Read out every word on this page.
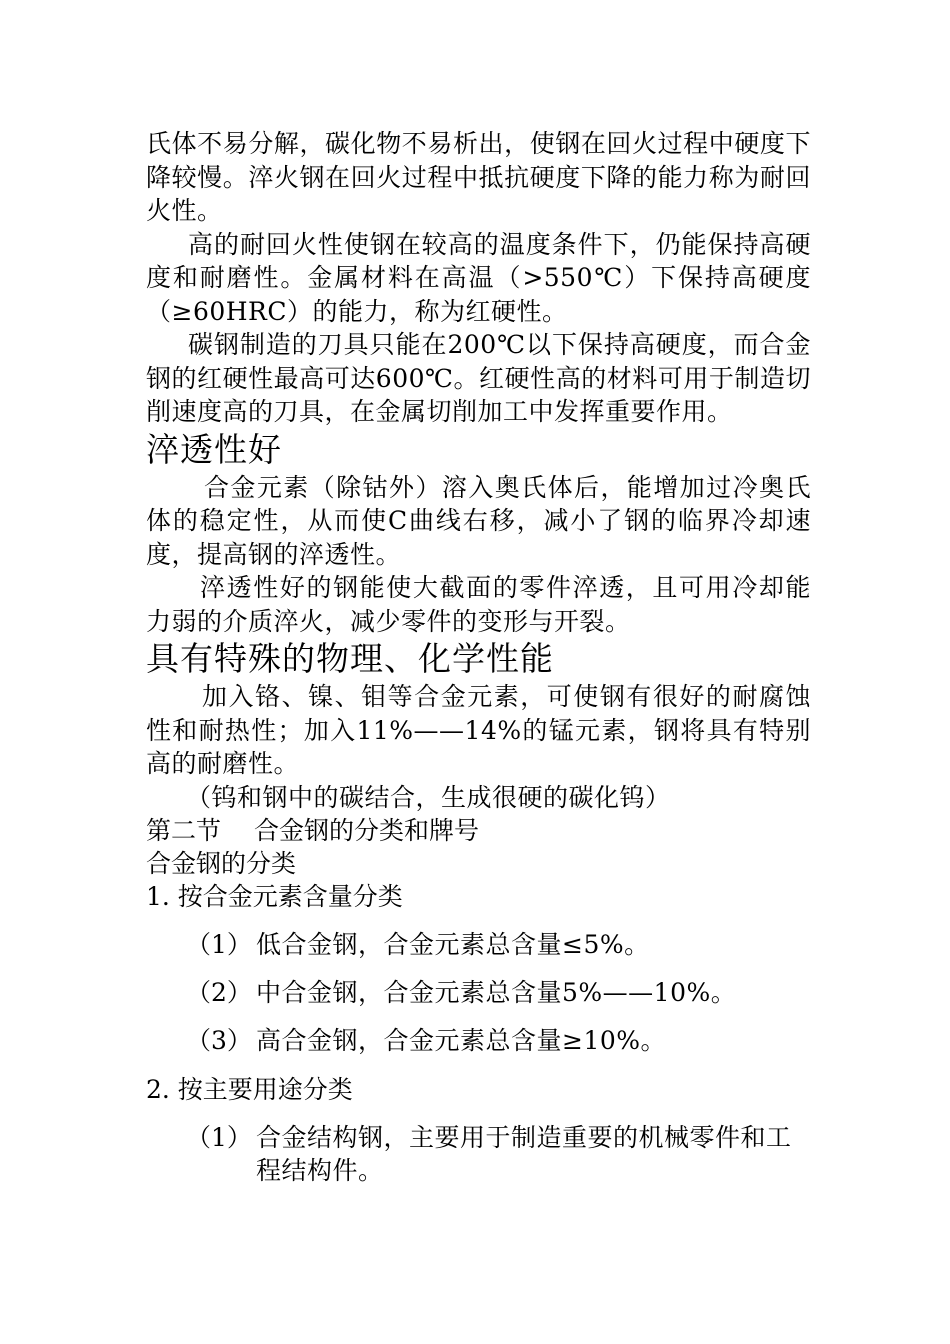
氏体不易分解，碳化物不易析出，使钢在回火过程中硬度下降较慢。淬火钢在回火过程中抵抗硬度下降的能力称为耐回火性。

高的耐回火性使钢在较高的温度条件下，仍能保持高硬度和耐磨性。金属材料在高温（>550℃）下保持高硬度（≥60HRC）的能力，称为红硬性。

碳钢制造的刀具只能在200℃以下保持高硬度，而合金钢的红硬性最高可达600℃。红硬性高的材料可用于制造切削速度高的刀具，在金属切削加工中发挥重要作用。

淬透性好

合金元素（除钴外）溶入奥氏体后，能增加过冷奥氏体的稳定性，从而使C曲线右移，减小了钢的临界冷却速度，提高钢的淬透性。

淬透性好的钢能使大截面的零件淬透，且可用冷却能力弱的介质淬火，减少零件的变形与开裂。

具有特殊的物理、化学性能

加入铬、镍、钼等合金元素，可使钢有很好的耐腐蚀性和耐热性；加入11%——14%的锰元素，钢将具有特别高的耐磨性。

（钨和钢中的碳结合，生成很硬的碳化钨）

第二节　 合金钢的分类和牌号

合金钢的分类

1. 按合金元素含量分类

（1） 低合金钢，合金元素总含量≤5%。
（2） 中合金钢，合金元素总含量5%——10%。
（3） 高合金钢，合金元素总含量≥10%。

2. 按主要用途分类

（1） 合金结构钢，主要用于制造重要的机械零件和工程结构件。
